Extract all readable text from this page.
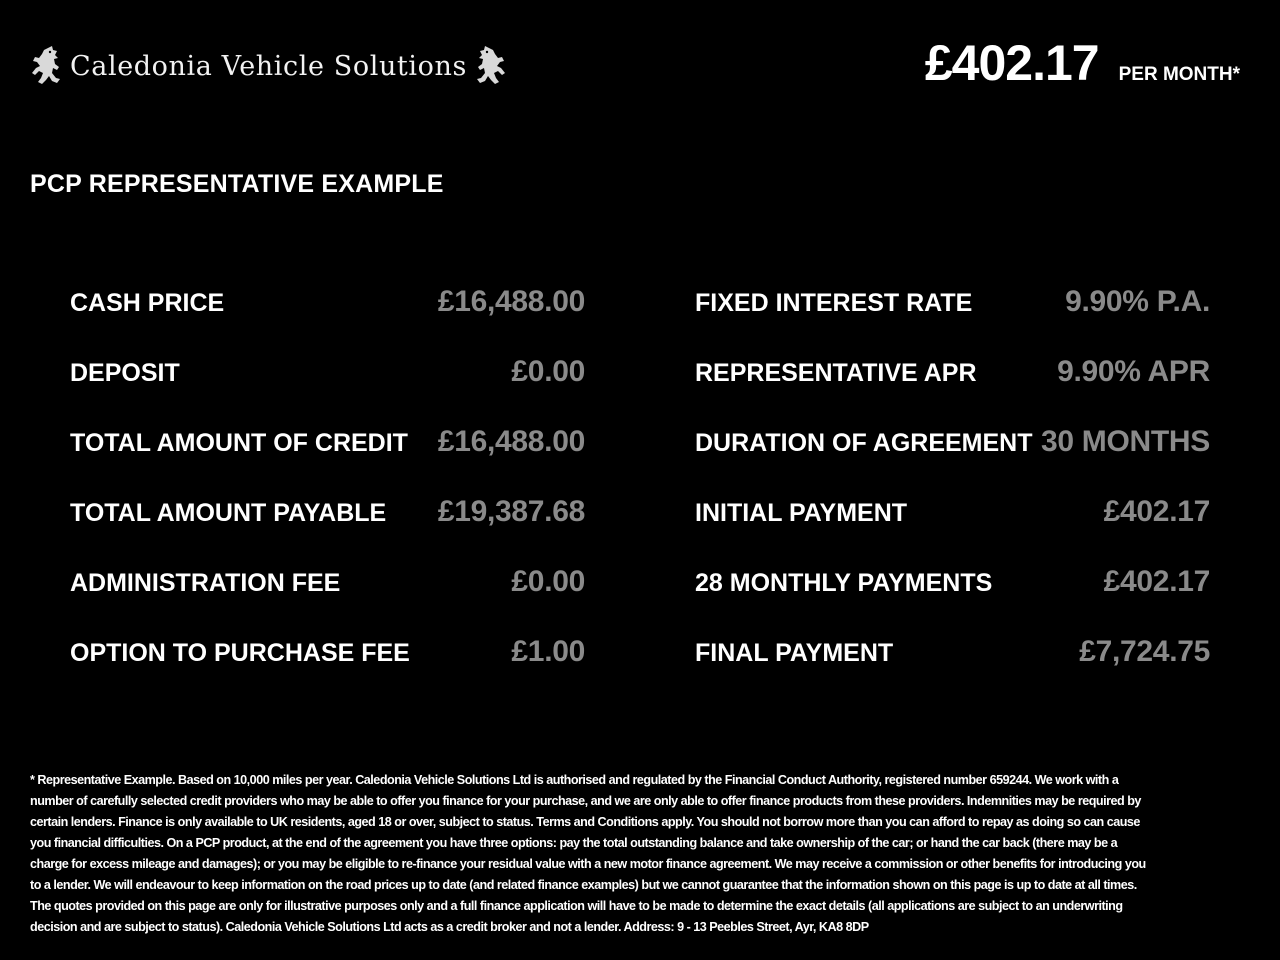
Caledonia Vehicle Solutions	£402.17 PER MONTH*
PCP REPRESENTATIVE EXAMPLE
CASH PRICE	£16,488.00
DEPOSIT	£0.00
TOTAL AMOUNT OF CREDIT £16,488.00
TOTAL AMOUNT PAYABLE £19,387.68
ADMINISTRATION FEE	£0.00
OPTION TO PURCHASE FEE	£1.00
FIXED INTEREST RATE	9.90% P.A.
REPRESENTATIVE APR	9.90% APR
DURATION OF AGREEMENT 30 MONTHS
INITIAL PAYMENT	£402.17
28 MONTHLY PAYMENTS	£402.17
FINAL PAYMENT	£7,724.75
* Representative Example. Based on 10,000 miles per year. Caledonia Vehicle Solutions Ltd is authorised and regulated by the Financial Conduct Authority, registered number 659244. We work with a number of carefully selected credit providers who may be able to offer you finance for your purchase, and we are only able to offer finance products from these providers. Indemnities may be required by certain lenders. Finance is only available to UK residents, aged 18 or over, subject to status. Terms and Conditions apply. You should not borrow more than you can afford to repay as doing so can cause you financial difficulties. On a PCP product, at the end of the agreement you have three options: pay the total outstanding balance and take ownership of the car; or hand the car back (there may be a charge for excess mileage and damages); or you may be eligible to re-finance your residual value with a new motor finance agreement. We may receive a commission or other benefits for introducing you to a lender. We will endeavour to keep information on the road prices up to date (and related finance examples) but we cannot guarantee that the information shown on this page is up to date at all times. The quotes provided on this page are only for illustrative purposes only and a full finance application will have to be made to determine the exact details (all applications are subject to an underwriting decision and are subject to status). Caledonia Vehicle Solutions Ltd acts as a credit broker and not a lender. Address: 9 - 13 Peebles Street, Ayr, KA8 8DP
